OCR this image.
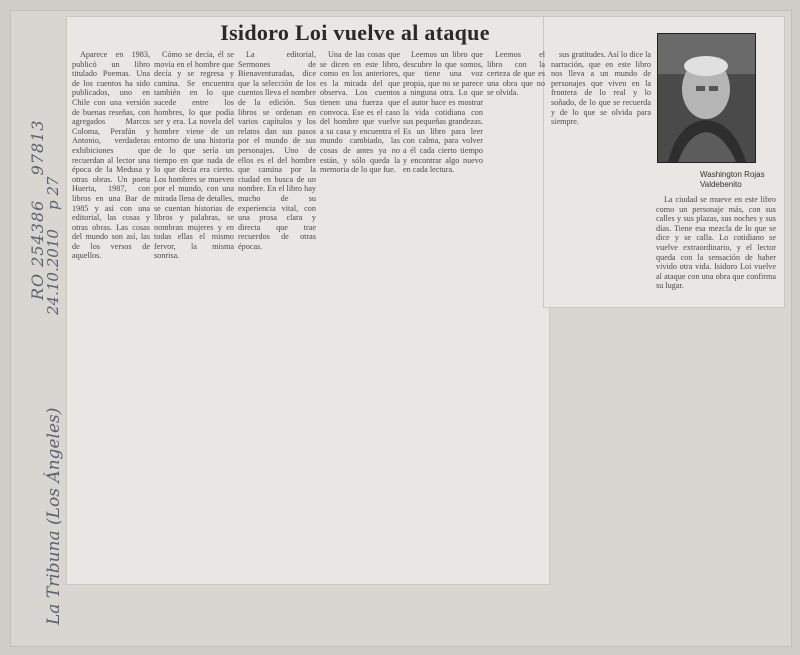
Isidoro Loi vuelve al ataque
Washington Rojas
Valdebenito

Aparece en 1983, publicó un libro titulado Poemas. Una de los cuentos ha sido publicados, uno en Chile con una versión de buenas reseñas, con agregados Marcos Coloma, Perafán y Antonio, verdaderas exhibiciones que recuerdan al lector una época de la Medusa y otras obras. Un poeta Huerta, 1987, con libros en una Bar de 1985 y así con una editorial, las cosas y otras obras. Las cosas del mundo son así, las de los versos de aquellos.

Cómo se decía, él se movía en el hombre que decía y se regresa y camina. Se encuentra también en lo que sucede entre los hombres, lo que podía ser y era. La novela del hombre viene de un entorno de una historia de lo que sería un tiempo en que nada de lo que decía era cierto. Los hombres se mueven por el mundo, con una mirada llena de detalles, se cuentan historias de libros y palabras, se nombran mujeres y en todas ellas el mismo fervor, la misma sonrisa.

La editorial, Sermones de Bienaventuradas, dice que la selección de los cuentos lleva el nombre de la edición. Sus libros se ordenan en varios capítulos y los relatos dan sus pasos por el mundo de sus personajes. Uno de ellos es el del hombre que camina por la ciudad en busca de un nombre. En el libro hay mucho de su experiencia vital, con una prosa clara y directa que trae recuerdos de otras épocas.

Una de las cosas que se dicen en este libro, como en los anteriores, es la mirada del que observa. Los cuentos tienen una fuerza que convoca. Ese es el caso del hombre que vuelve a su casa y encuentra el mundo cambiado, las cosas de antes ya no están, y sólo queda la memoria de lo que fue.

Leemos un libro que descubre lo que somos, que tiene una voz propia, que no se parece a ninguna otra. Lo que el autor hace es mostrar la vida cotidiana con sus pequeñas grandezas. Es un libro para leer con calma, para volver a él cada cierto tiempo y encontrar algo nuevo en cada lectura.

Leemos el libro con la certeza de que es una obra que no se olvida.

sus gratitudes. Así lo dice la narración, que en este libro nos lleva a un mundo de personajes que viven en la frontera de lo real y lo soñado, de lo que se recuerda y de lo que se olvida para siempre.

La ciudad se mueve en este libro como un personaje más, con sus calles y sus plazas, sus noches y sus días. Tiene esa mezcla de lo que se dice y se calla. Lo cotidiano se vuelve extraordinario, y el lector queda con la sensación de haber vivido otra vida. Isidoro Loi vuelve al ataque con una obra que confirma su lugar.

RO 254386    97813
24.10.2010    p 27
La Tribuna (Los Ángeles)
